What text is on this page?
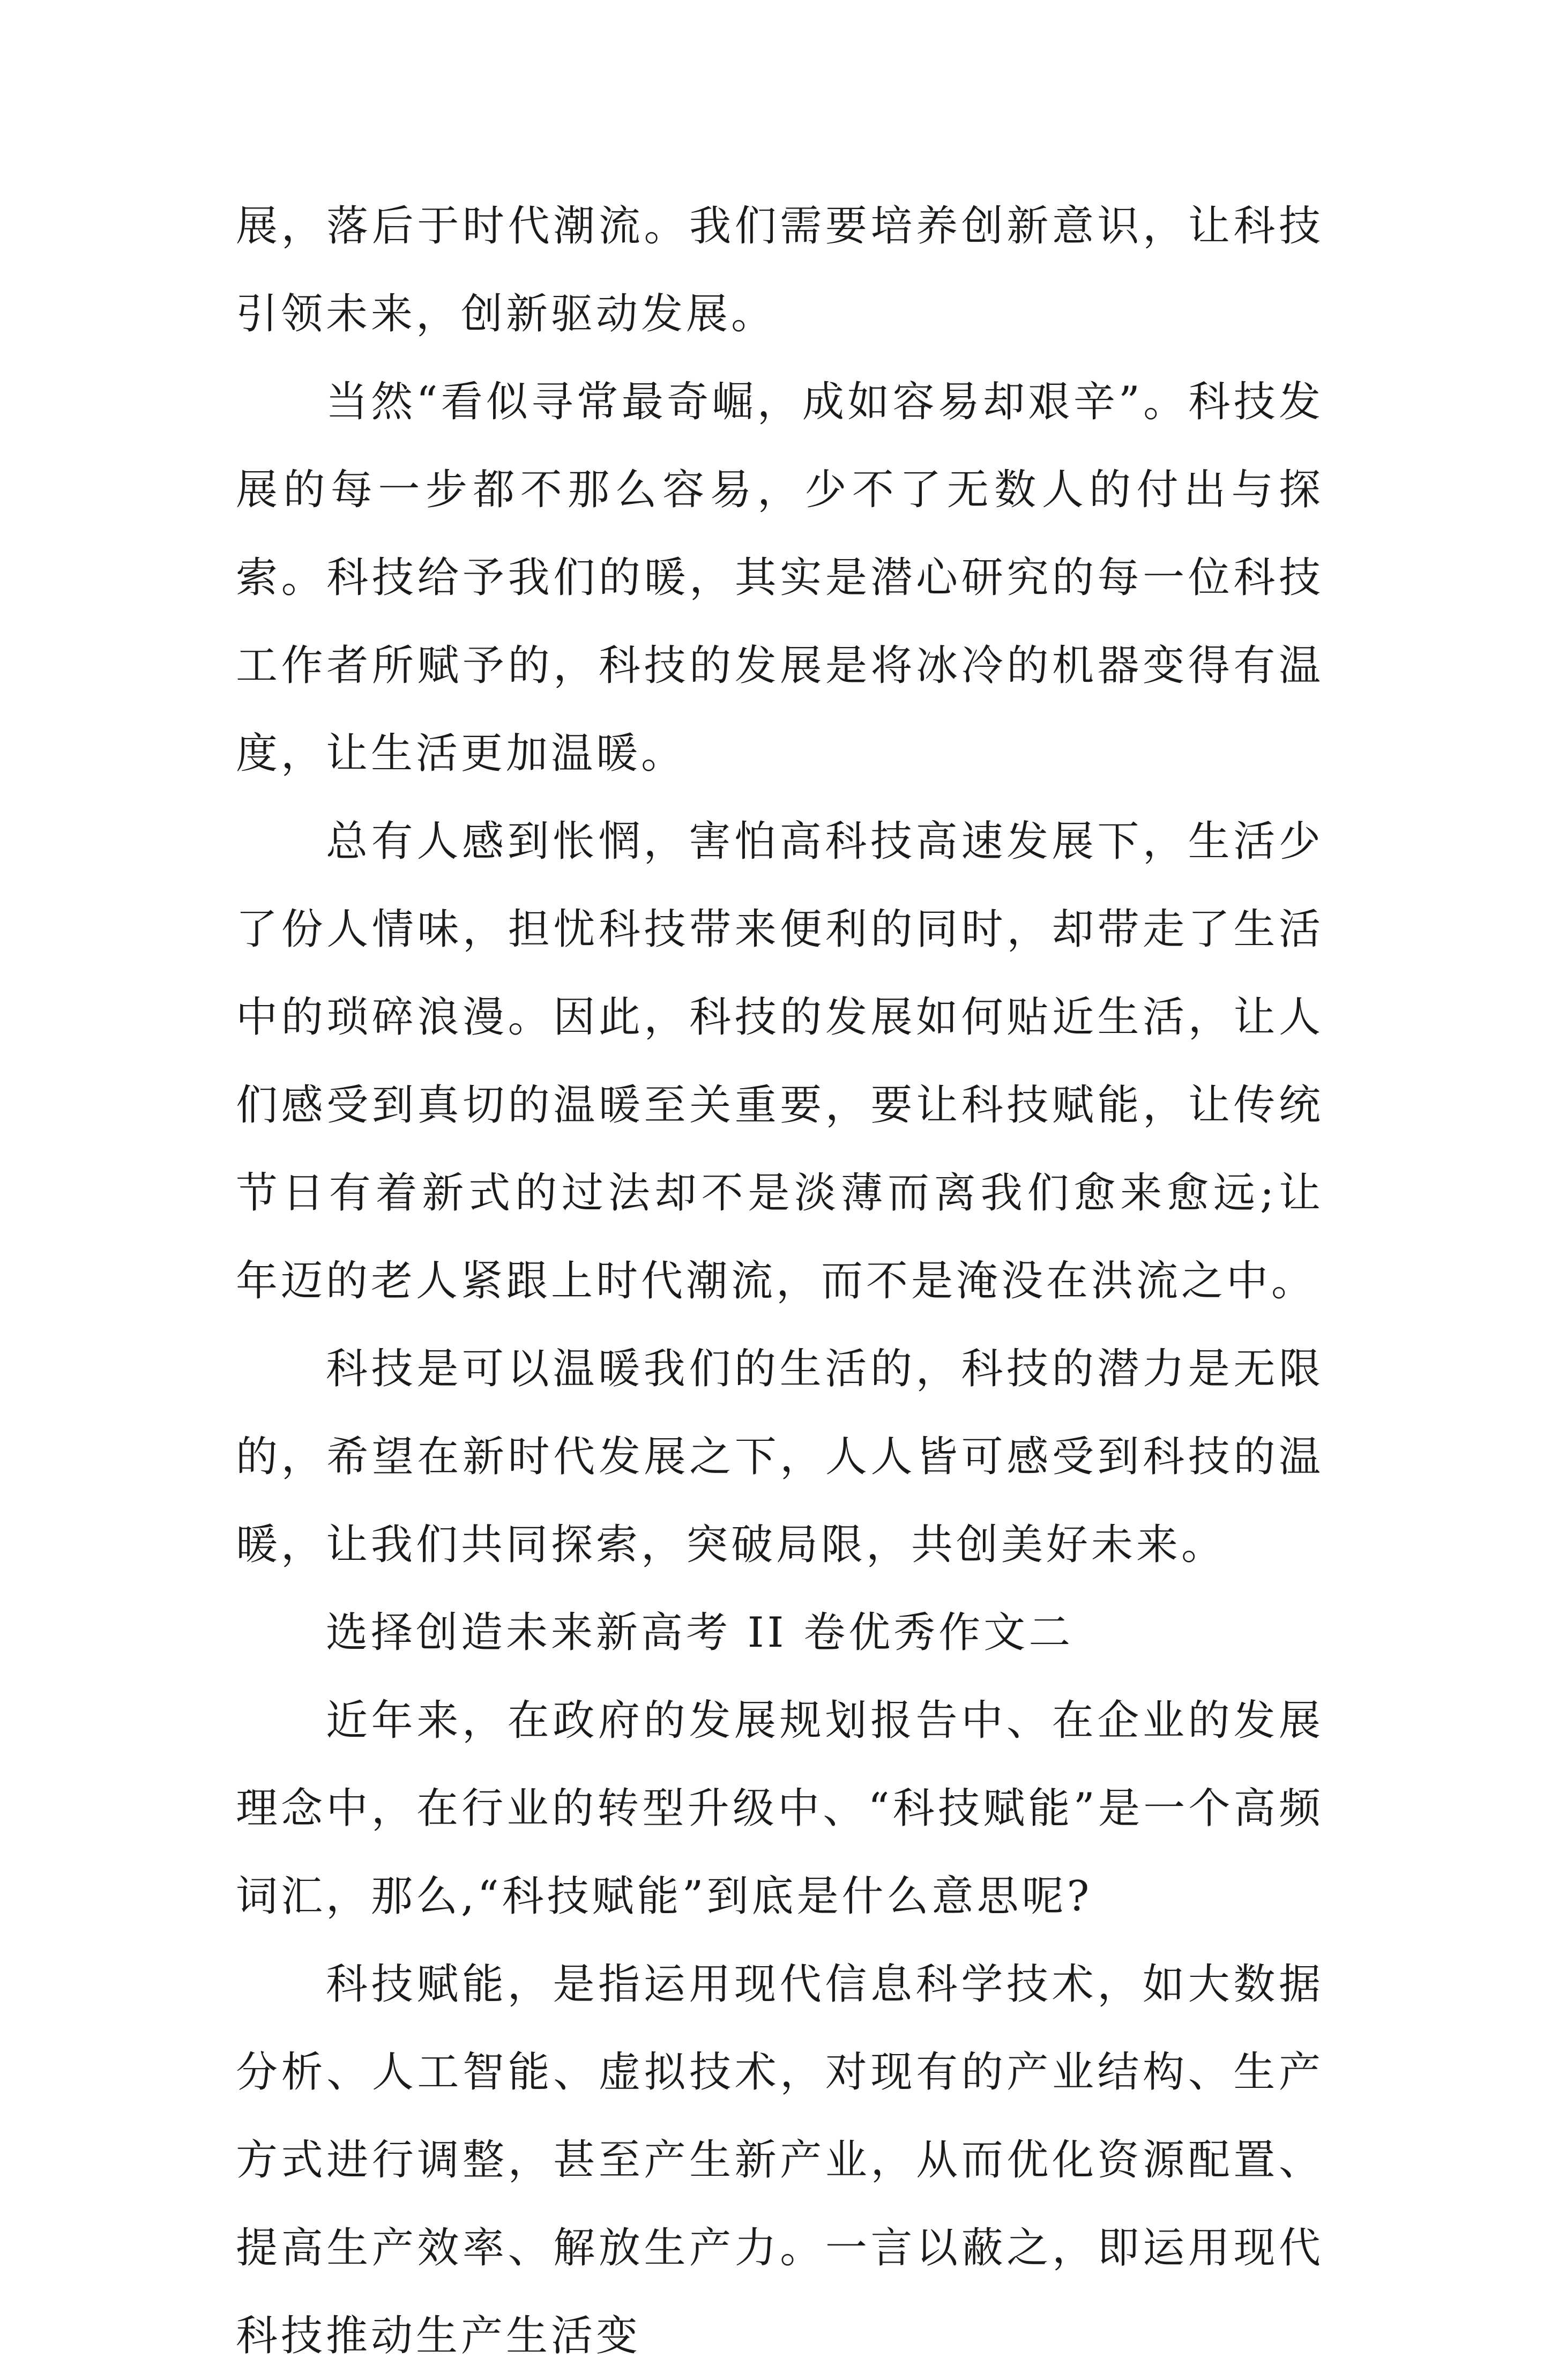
展，落后于时代潮流。我们需要培养创新意识，让科技引领未来，创新驱动发展。

当然“看似寻常最奇崛，成如容易却艰辛”。科技发展的每一步都不那么容易，少不了无数人的付出与探索。科技给予我们的暖，其实是潜心研究的每一位科技工作者所赋予的，科技的发展是将冰冷的机器变得有温度，让生活更加温暖。

总有人感到怅惘，害怕高科技高速发展下，生活少了份人情味，担忧科技带来便利的同时，却带走了生活中的琐碎浪漫。因此，科技的发展如何贴近生活，让人们感受到真切的温暖至关重要，要让科技赋能，让传统节日有着新式的过法却不是淡薄而离我们愈来愈远;让年迈的老人紧跟上时代潮流，而不是淹没在洪流之中。

科技是可以温暖我们的生活的，科技的潜力是无限的，希望在新时代发展之下，人人皆可感受到科技的温暖，让我们共同探索，突破局限，共创美好未来。

选择创造未来新高考 II 卷优秀作文二

近年来，在政府的发展规划报告中、在企业的发展理念中，在行业的转型升级中、“科技赋能”是一个高频词汇，那么,“科技赋能”到底是什么意思呢?

科技赋能，是指运用现代信息科学技术，如大数据分析、人工智能、虚拟技术，对现有的产业结构、生产方式进行调整，甚至产生新产业，从而优化资源配置、提高生产效率、解放生产力。一言以蔽之，即运用现代科技推动生产生活变
